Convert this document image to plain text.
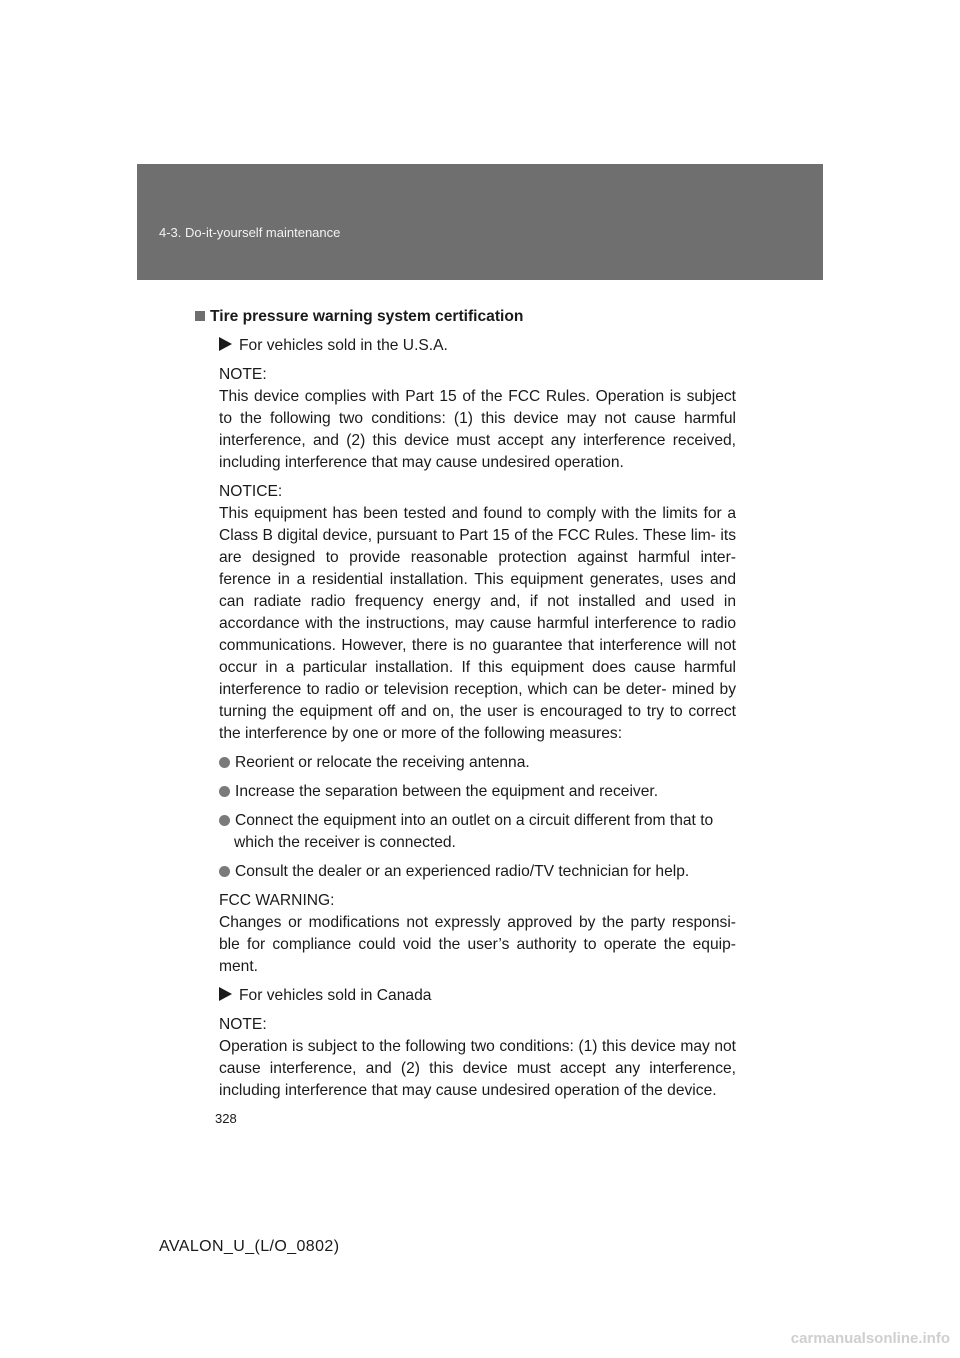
4-3. Do-it-yourself maintenance
Tire pressure warning system certification
For vehicles sold in the U.S.A.
NOTE:
This device complies with Part 15 of the FCC Rules. Operation is subject to the following two conditions: (1) this device may not cause harmful interference, and (2) this device must accept any interference received, including interference that may cause undesired operation.
NOTICE:
This equipment has been tested and found to comply with the limits for a Class B digital device, pursuant to Part 15 of the FCC Rules. These lim- its are designed to provide reasonable protection against harmful inter- ference in a residential installation. This equipment generates, uses and can radiate radio frequency energy and, if not installed and used in accordance with the instructions, may cause harmful interference to radio communications. However, there is no guarantee that interference will not occur in a particular installation. If this equipment does cause harmful interference to radio or television reception, which can be deter- mined by turning the equipment off and on, the user is encouraged to try to correct the interference by one or more of the following measures:
Reorient or relocate the receiving antenna.
Increase the separation between the equipment and receiver.
Connect the equipment into an outlet on a circuit different from that to
which the receiver is connected.
Consult the dealer or an experienced radio/TV technician for help.
FCC WARNING:
Changes or modifications not expressly approved by the party responsi- ble for compliance could void the user’s authority to operate the equip- ment.
For vehicles sold in Canada
NOTE:
Operation is subject to the following two conditions: (1) this device may not cause interference, and (2) this device must accept any interference, including interference that may cause undesired operation of the device.
328
AVALON_U_(L/O_0802)
carmanualsonline.info
